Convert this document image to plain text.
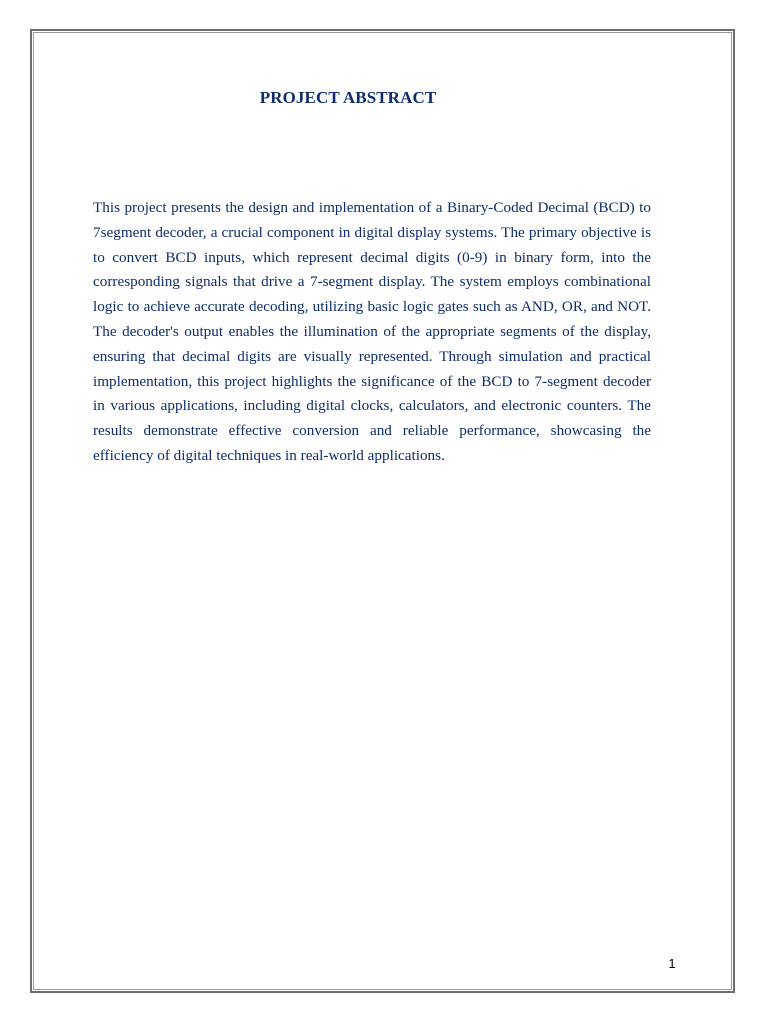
PROJECT ABSTRACT

This project presents the design and implementation of a Binary-Coded Decimal (BCD) to 7segment decoder, a crucial component in digital display systems. The primary objective is to convert BCD inputs, which represent decimal digits (0-9) in binary form, into the corresponding signals that drive a 7-segment display. The system employs combinational logic to achieve accurate decoding, utilizing basic logic gates such as AND, OR, and NOT. The decoder's output enables the illumination of the appropriate segments of the display, ensuring that decimal digits are visually represented. Through simulation and practical implementation, this project highlights the significance of the BCD to 7-segment decoder in various applications, including digital clocks, calculators, and electronic counters. The results demonstrate effective conversion and reliable performance, showcasing the efficiency of digital techniques in real-world applications.

1
